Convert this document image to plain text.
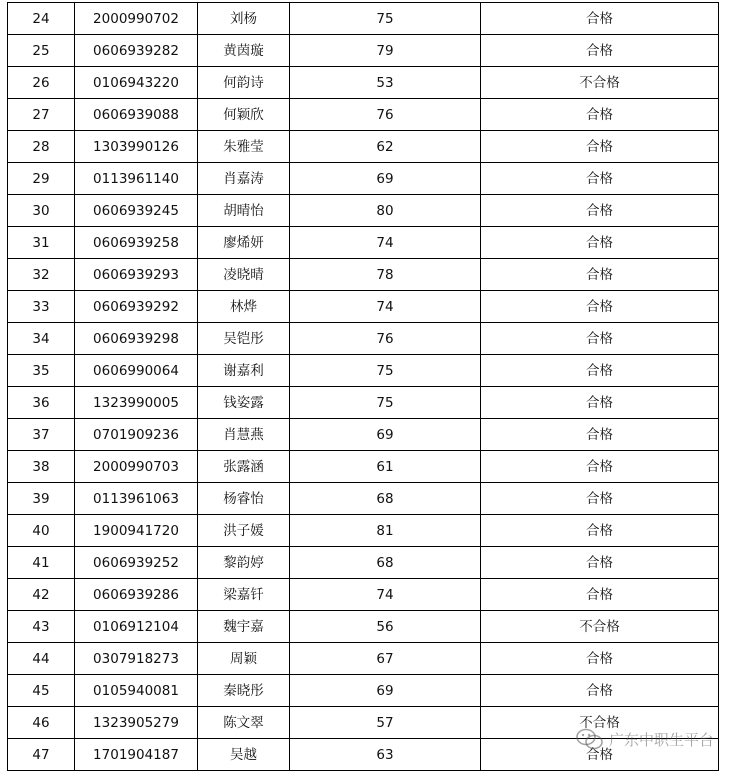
24	2000990702	刘杨	75	合格
25	0606939282	黄茵璇	79	合格
26	0106943220	何韵诗	53	不合格
27	0606939088	何颖欣	76	合格
28	1303990126	朱雅莹	62	合格
29	0113961140	肖嘉涛	69	合格
30	0606939245	胡晴怡	80	合格
31	0606939258	廖烯妍	74	合格
32	0606939293	凌晓晴	78	合格
33	0606939292	林烨	74	合格
34	0606939298	吴铠彤	76	合格
35	0606990064	谢嘉利	75	合格
36	1323990005	钱姿露	75	合格
37	0701909236	肖慧燕	69	合格
38	2000990703	张露涵	61	合格
39	0113961063	杨睿怡	68	合格
40	1900941720	洪子媛	81	合格
41	0606939252	黎韵婷	68	合格
42	0606939286	梁嘉钎	74	合格
43	0106912104	魏宇嘉	56	不合格
44	0307918273	周颖	67	合格
45	0105940081	秦晓彤	69	合格
46	1323905279	陈文翠	57	不合格
47	1701904187	吴越	63	合格
广东中职生平台
